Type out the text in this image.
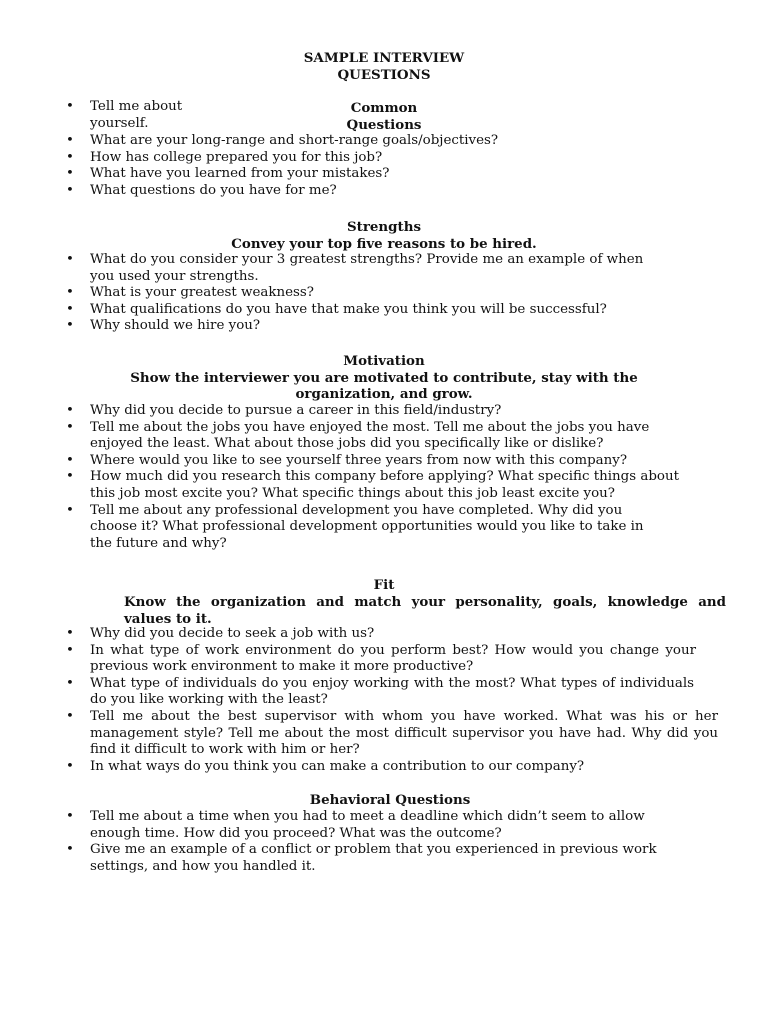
SAMPLE INTERVIEW
QUESTIONS
Common
Questions
• Tell me about
yourself.
• What are your long-range and short-range goals/objectives?
• How has college prepared you for this job?
• What have you learned from your mistakes?
• What questions do you have for me?
Strengths
Convey your top five reasons to be hired.
• What do you consider your 3 greatest strengths? Provide me an example of when you used your strengths.
• What is your greatest weakness?
• What qualifications do you have that make you think you will be successful?
• Why should we hire you?
Motivation
Show the interviewer you are motivated to contribute, stay with the
organization, and grow.
• Why did you decide to pursue a career in this field/industry?
• Tell me about the jobs you have enjoyed the most. Tell me about the jobs you have enjoyed the least. What about those jobs did you specifically like or dislike?
• Where would you like to see yourself three years from now with this company?
• How much did you research this company before applying? What specific things about this job most excite you? What specific things about this job least excite you?
• Tell me about any professional development you have completed. Why did you choose it? What professional development opportunities would you like to take in the future and why?
Fit
Know the organization and match your personality, goals, knowledge and values to it.
• Why did you decide to seek a job with us?
• In what type of work environment do you perform best? How would you change your previous work environment to make it more productive?
• What type of individuals do you enjoy working with the most? What types of individuals do you like working with the least?
• Tell me about the best supervisor with whom you have worked. What was his or her management style? Tell me about the most difficult supervisor you have had. Why did you find it difficult to work with him or her?
• In what ways do you think you can make a contribution to our company?
Behavioral Questions
• Tell me about a time when you had to meet a deadline which didn’t seem to allow enough time. How did you proceed? What was the outcome?
• Give me an example of a conflict or problem that you experienced in previous work settings, and how you handled it.
